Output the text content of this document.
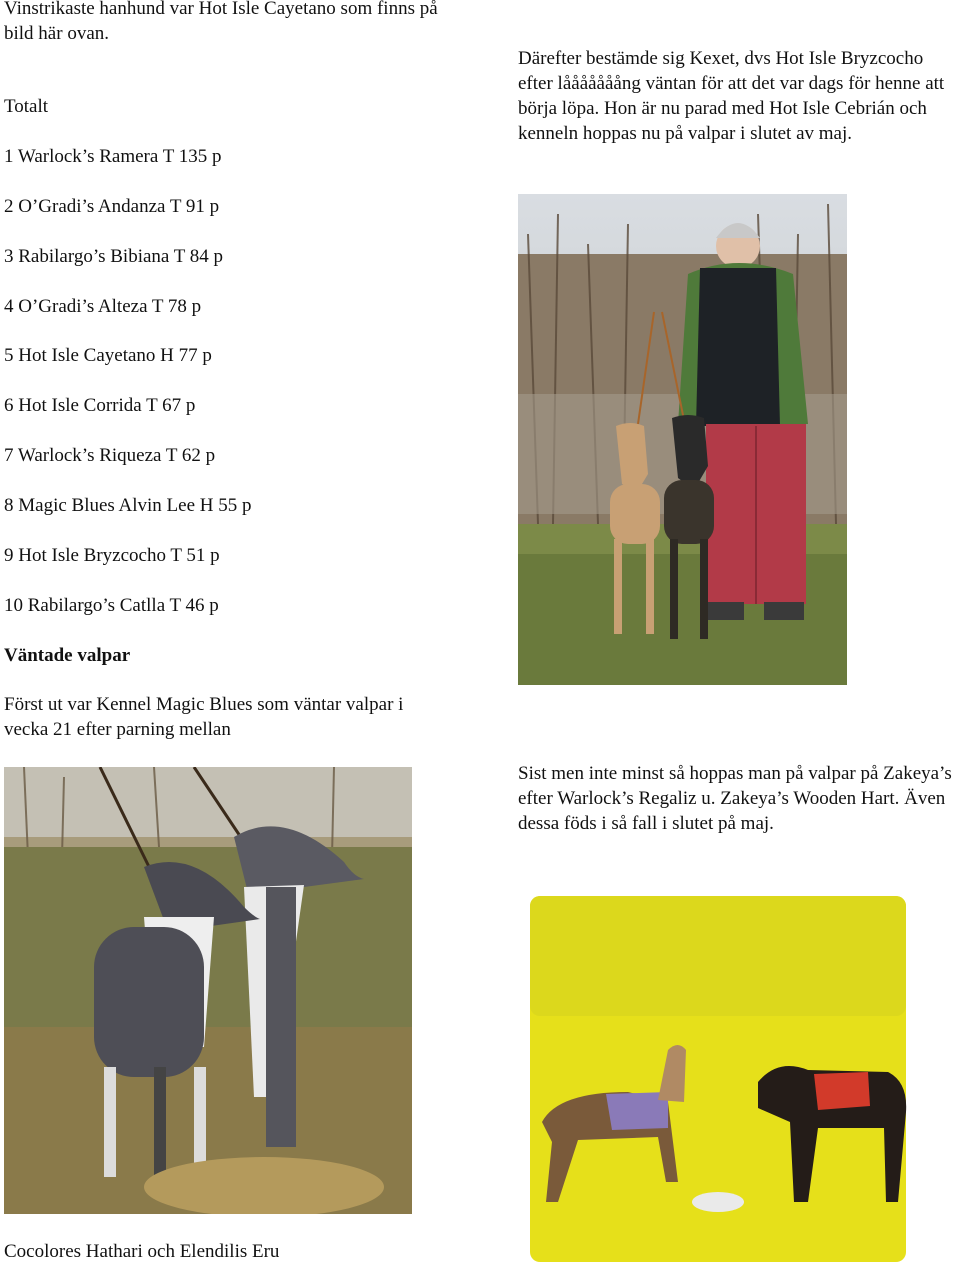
Vinstrikaste hanhund var Hot Isle Cayetano som finns på bild här ovan.
Totalt
1 Warlock’s Ramera T 135 p
2 O’Gradi’s Andanza T 91 p
3 Rabilargo’s Bibiana T 84 p
4 O’Gradi’s Alteza T 78 p
5 Hot Isle Cayetano H 77 p
6 Hot Isle Corrida T 67 p
7 Warlock’s Riqueza T 62 p
8 Magic Blues Alvin Lee H 55 p
9 Hot Isle Bryzcocho T 51 p
10 Rabilargo’s Catlla T 46 p
Väntade valpar
Först ut var Kennel Magic Blues som väntar valpar i vecka 21 efter parning mellan
Cocolores Hathari och Elendilis Eru
Därefter bestämde sig Kexet, dvs Hot Isle Bryzcocho efter lååååååång väntan för att det var dags för henne att börja löpa. Hon är nu parad med Hot Isle Cebrián och kenneln hoppas nu på valpar i slutet av maj.
Sist men inte minst så hoppas man på valpar på Zakeya’s efter Warlock’s Regaliz u. Zakeya’s Wooden Hart. Även dessa föds i så fall i slutet på maj.
